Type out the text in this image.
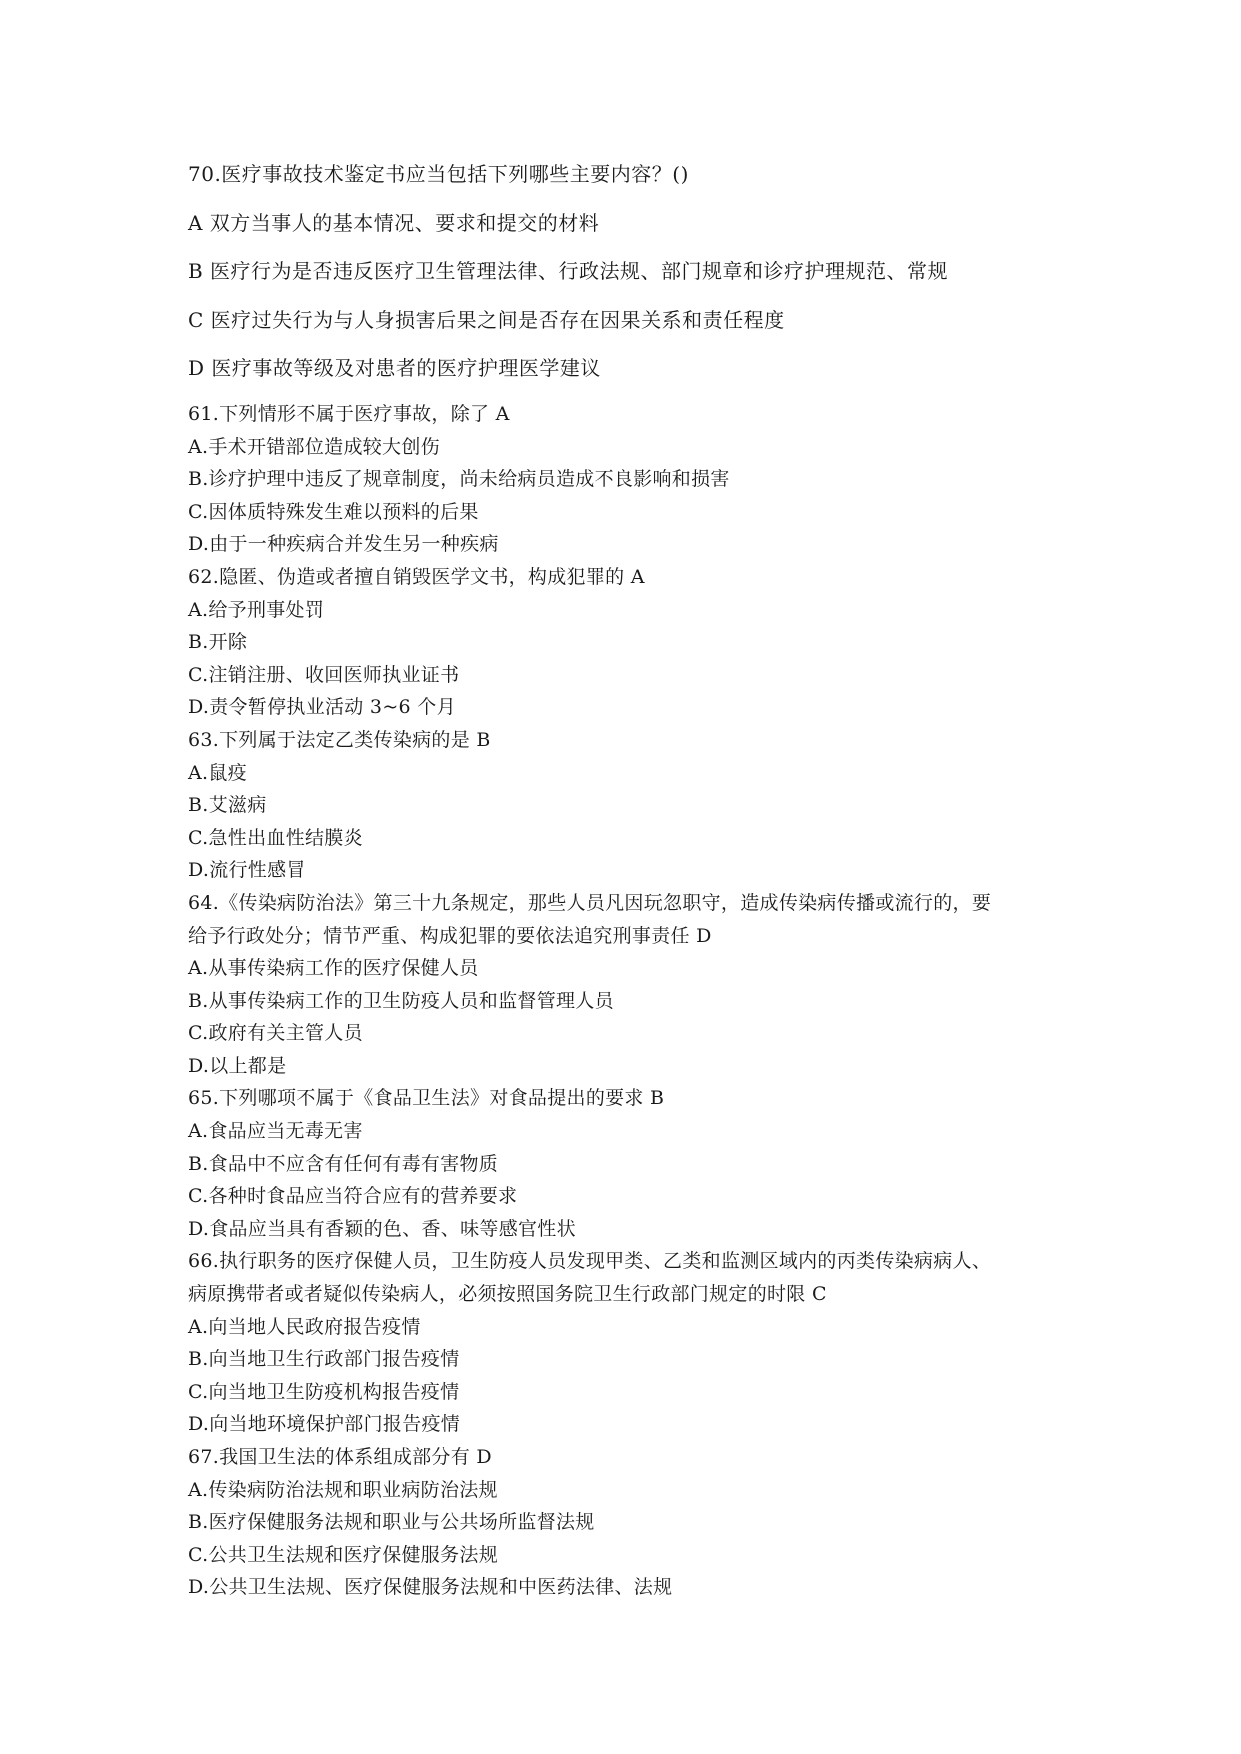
70.医疗事故技术鉴定书应当包括下列哪些主要内容？()
A 双方当事人的基本情况、要求和提交的材料
B 医疗行为是否违反医疗卫生管理法律、行政法规、部门规章和诊疗护理规范、常规
C 医疗过失行为与人身损害后果之间是否存在因果关系和责任程度
D 医疗事故等级及对患者的医疗护理医学建议
61.下列情形不属于医疗事故，除了 A
A.手术开错部位造成较大创伤
B.诊疗护理中违反了规章制度，尚未给病员造成不良影响和损害
C.因体质特殊发生难以预料的后果
D.由于一种疾病合并发生另一种疾病
62.隐匿、伪造或者擅自销毁医学文书，构成犯罪的 A
A.给予刑事处罚
B.开除
C.注销注册、收回医师执业证书
D.责令暂停执业活动 3~6 个月
63.下列属于法定乙类传染病的是 B
A.鼠疫
B.艾滋病
C.急性出血性结膜炎
D.流行性感冒
64.《传染病防治法》第三十九条规定，那些人员凡因玩忽职守，造成传染病传播或流行的，要
给予行政处分；情节严重、构成犯罪的要依法追究刑事责任 D
A.从事传染病工作的医疗保健人员
B.从事传染病工作的卫生防疫人员和监督管理人员
C.政府有关主管人员
D.以上都是
65.下列哪项不属于《食品卫生法》对食品提出的要求 B
A.食品应当无毒无害
B.食品中不应含有任何有毒有害物质
C.各种时食品应当符合应有的营养要求
D.食品应当具有香颖的色、香、味等感官性状
66.执行职务的医疗保健人员，卫生防疫人员发现甲类、乙类和监测区域内的丙类传染病病人、
病原携带者或者疑似传染病人，必须按照国务院卫生行政部门规定的时限 C
A.向当地人民政府报告疫情
B.向当地卫生行政部门报告疫情
C.向当地卫生防疫机构报告疫情
D.向当地环境保护部门报告疫情
67.我国卫生法的体系组成部分有 D
A.传染病防治法规和职业病防治法规
B.医疗保健服务法规和职业与公共场所监督法规
C.公共卫生法规和医疗保健服务法规
D.公共卫生法规、医疗保健服务法规和中医药法律、法规
